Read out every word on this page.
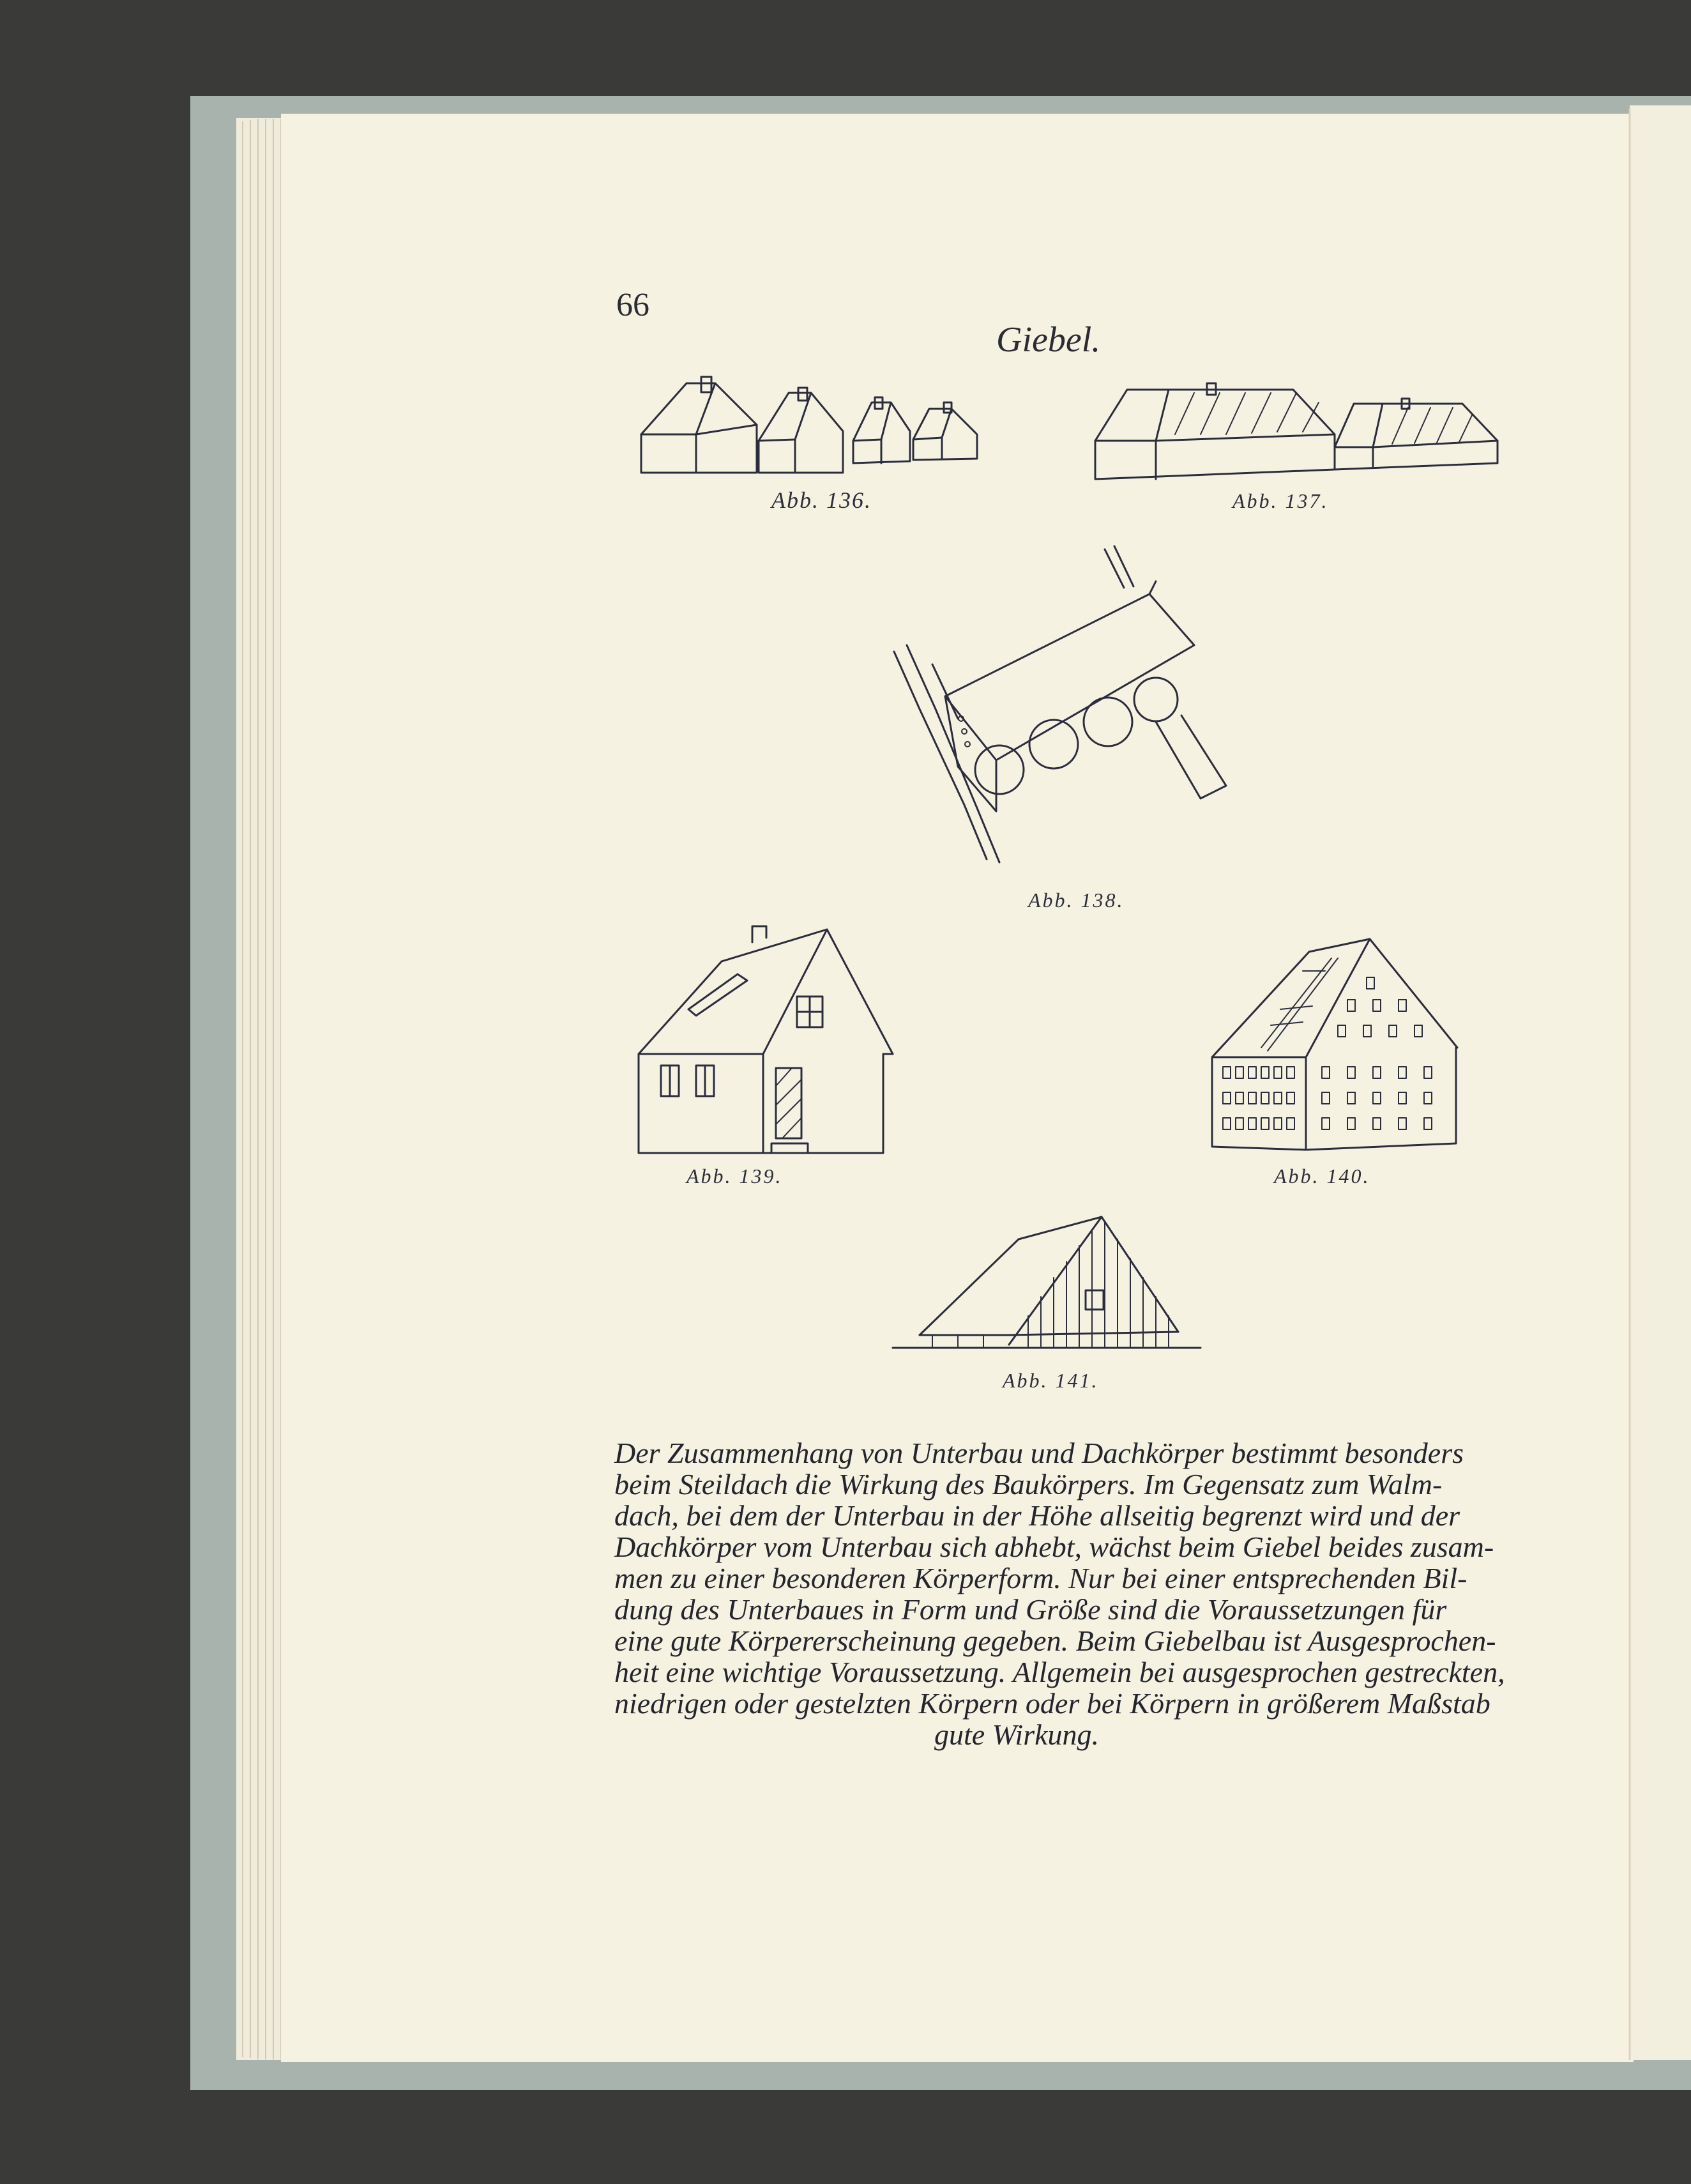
Abb. 136.	Abb. 137.
Abb. 138.
Abb. 139.	Abb. 140.
Abb. 141.
66
Giebel.
Der Zusammenhang von Unterbau und Dachkörper bestimmt besonders
beim Steildach die Wirkung des Baukörpers. Im Gegensatz zum Walm-
dach, bei dem der Unterbau in der Höhe allseitig begrenzt wird und der
Dachkörper vom Unterbau sich abhebt, wächst beim Giebel beides zusam-
men zu einer besonderen Körperform. Nur bei einer entsprechenden Bil-
dung des Unterbaues in Form und Größe sind die Voraussetzungen für
eine gute Körpererscheinung gegeben. Beim Giebelbau ist Ausgesprochen-
heit eine wichtige Voraussetzung. Allgemein bei ausgesprochen gestreckten,
niedrigen oder gestelzten Körpern oder bei Körpern in größerem Maßstab
gute Wirkung.
